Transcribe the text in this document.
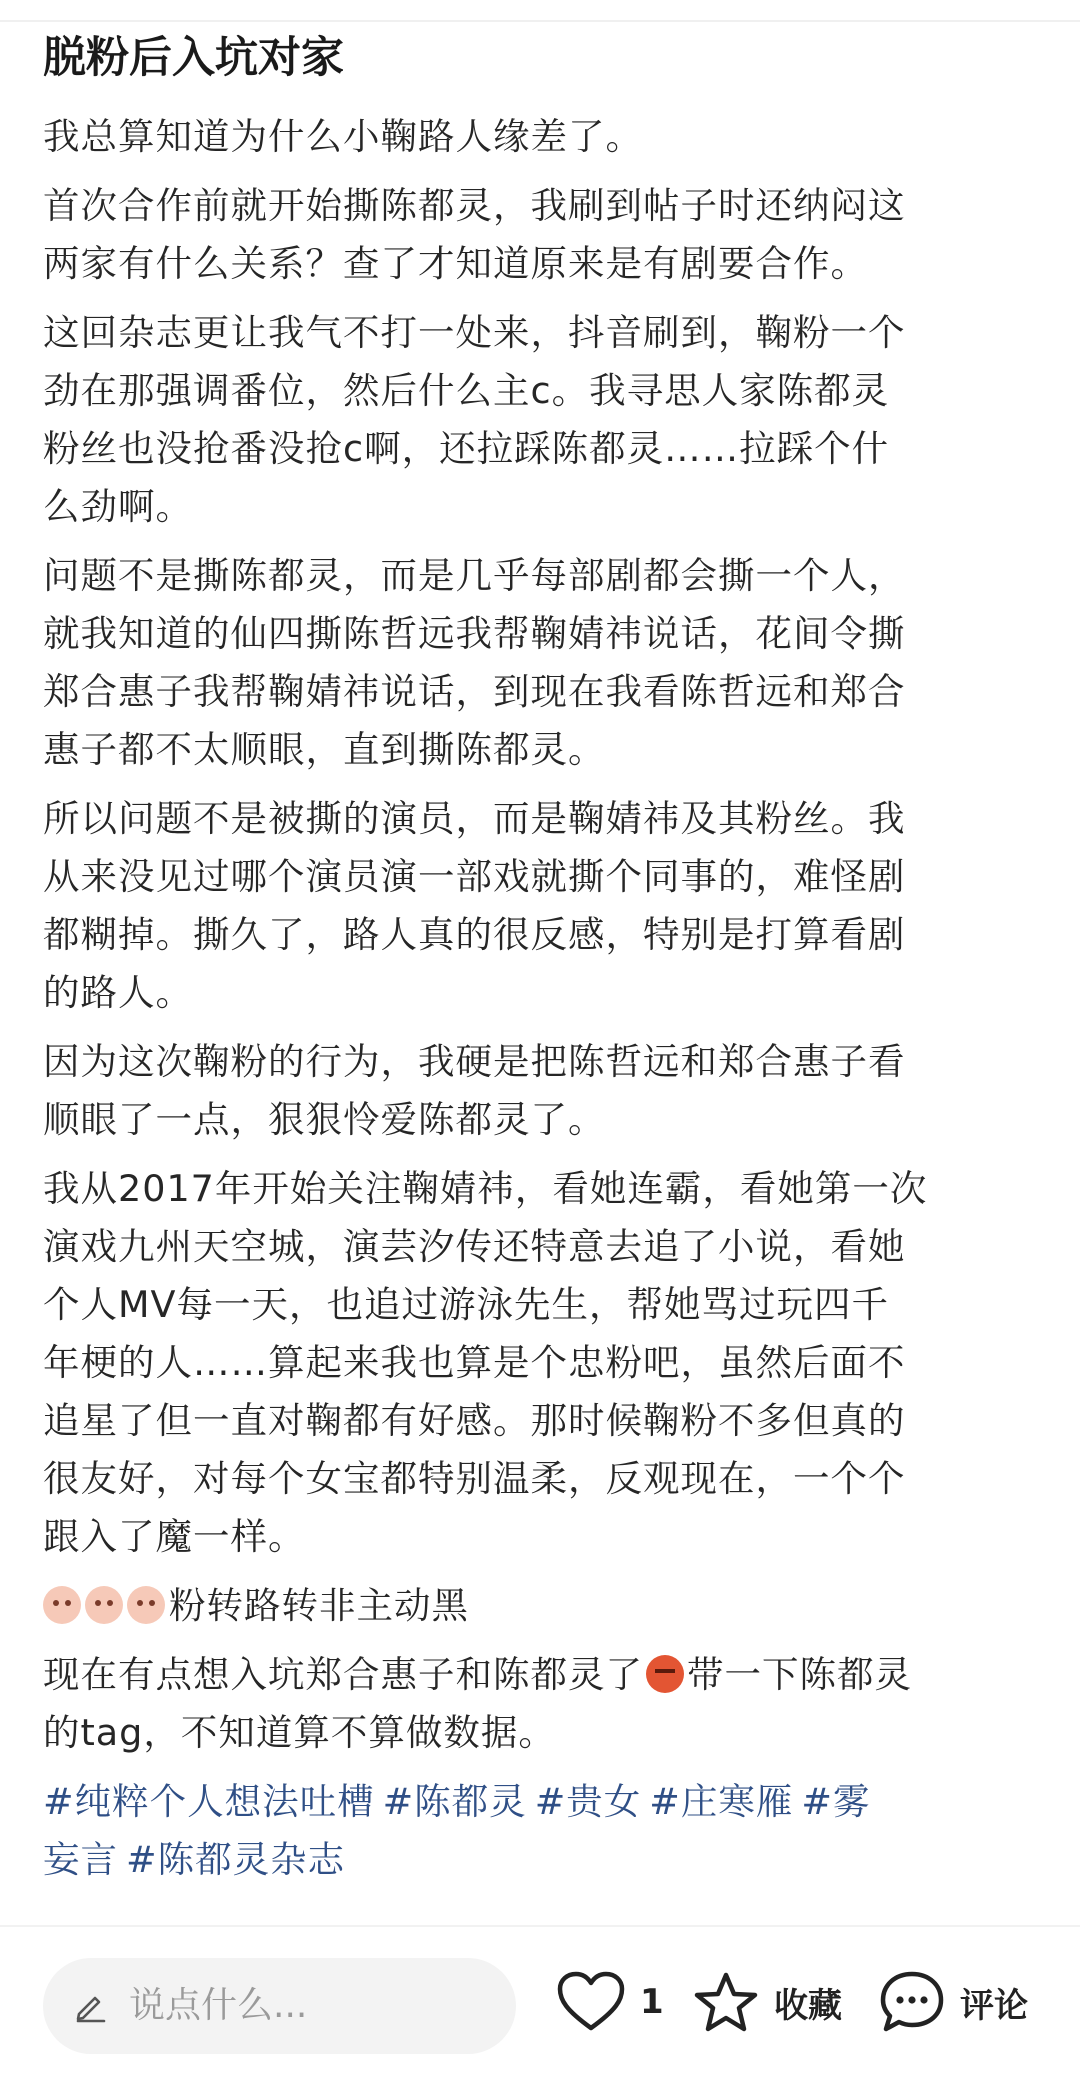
脱粉后入坑对家

我总算知道为什么小鞠路人缘差了。

首次合作前就开始撕陈都灵，我刷到帖子时还纳闷这
两家有什么关系？查了才知道原来是有剧要合作。

这回杂志更让我气不打一处来，抖音刷到，鞠粉一个
劲在那强调番位，然后什么主c。我寻思人家陈都灵
粉丝也没抢番没抢c啊，还拉踩陈都灵……拉踩个什
么劲啊。

问题不是撕陈都灵，而是几乎每部剧都会撕一个人，
就我知道的仙四撕陈哲远我帮鞠婧祎说话，花间令撕
郑合惠子我帮鞠婧祎说话，到现在我看陈哲远和郑合
惠子都不太顺眼，直到撕陈都灵。

所以问题不是被撕的演员，而是鞠婧祎及其粉丝。我
从来没见过哪个演员演一部戏就撕个同事的，难怪剧
都糊掉。撕久了，路人真的很反感，特别是打算看剧
的路人。

因为这次鞠粉的行为，我硬是把陈哲远和郑合惠子看
顺眼了一点，狠狠怜爱陈都灵了。

我从2017年开始关注鞠婧祎，看她连霸，看她第一次
演戏九州天空城，演芸汐传还特意去追了小说，看她
个人MV每一天，也追过游泳先生，帮她骂过玩四千
年梗的人……算起来我也算是个忠粉吧，虽然后面不
追星了但一直对鞠都有好感。那时候鞠粉不多但真的
很友好，对每个女宝都特别温柔，反观现在，一个个
跟入了魔一样。

粉转路转非主动黑

现在有点想入坑郑合惠子和陈都灵了 带一下陈都灵
的tag，不知道算不算做数据。

#纯粹个人想法吐槽 #陈都灵 #贵女 #庄寒雁 #雾
妄言 #陈都灵杂志
说点什么...	1	收藏	评论
